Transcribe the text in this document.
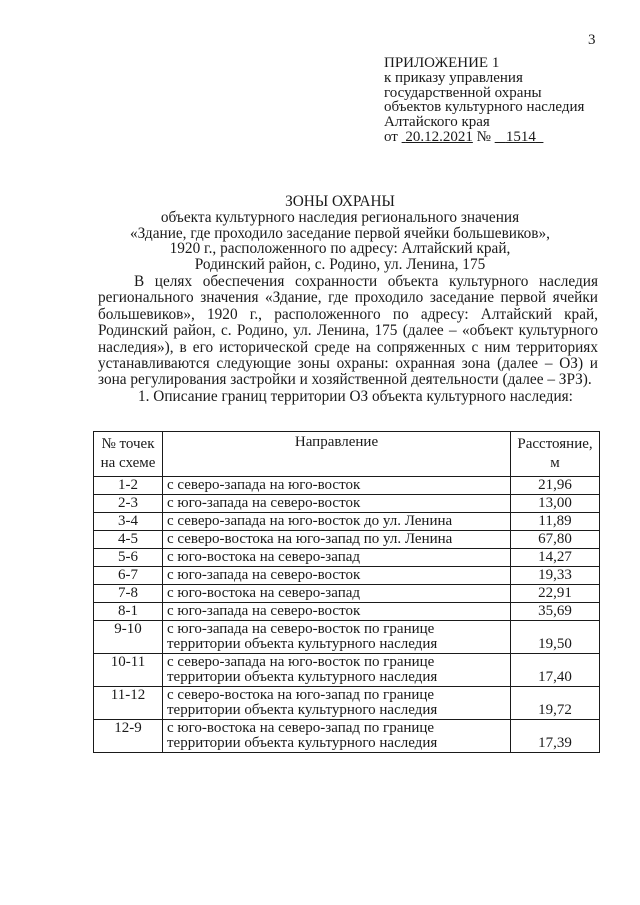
3
ПРИЛОЖЕНИЕ 1
к приказу управления
государственной охраны
объектов культурного наследия
Алтайского края
от 20.12.2021 № 1514
ЗОНЫ ОХРАНЫ
объекта культурного наследия регионального значения
«Здание, где проходило заседание первой ячейки большевиков»,
1920 г., расположенного по адресу: Алтайский край,
Родинский район, с. Родино, ул. Ленина, 175

В целях обеспечения сохранности объекта культурного наследия регионального значения «Здание, где проходило заседание первой ячейки большевиков», 1920 г., расположенного по адресу: Алтайский край, Родинский район, с. Родино, ул. Ленина, 175 (далее – «объект культурного наследия»), в его исторической среде на сопряженных с ним территориях устанавливаются следующие зоны охраны: охранная зона (далее – ОЗ) и зона регулирования застройки и хозяйственной деятельности (далее – ЗРЗ).

1. Описание границ территории ОЗ объекта культурного наследия:

№ точек на схеме	Направление	Расстояние, м
1-2	с северо-запада на юго-восток	21,96
2-3	с юго-запада на северо-восток	13,00
3-4	с северо-запада на юго-восток до ул. Ленина	11,89
4-5	с северо-востока на юго-запад по ул. Ленина	67,80
5-6	с юго-востока на северо-запад	14,27
6-7	с юго-запада на северо-восток	19,33
7-8	с юго-востока на северо-запад	22,91
8-1	с юго-запада на северо-восток	35,69
9-10	с юго-запада на северо-восток по границе территории объекта культурного наследия	19,50
10-11	с северо-запада на юго-восток по границе территории объекта культурного наследия	17,40
11-12	с северо-востока на юго-запад по границе территории объекта культурного наследия	19,72
12-9	с юго-востока на северо-запад по границе территории объекта культурного наследия	17,39
